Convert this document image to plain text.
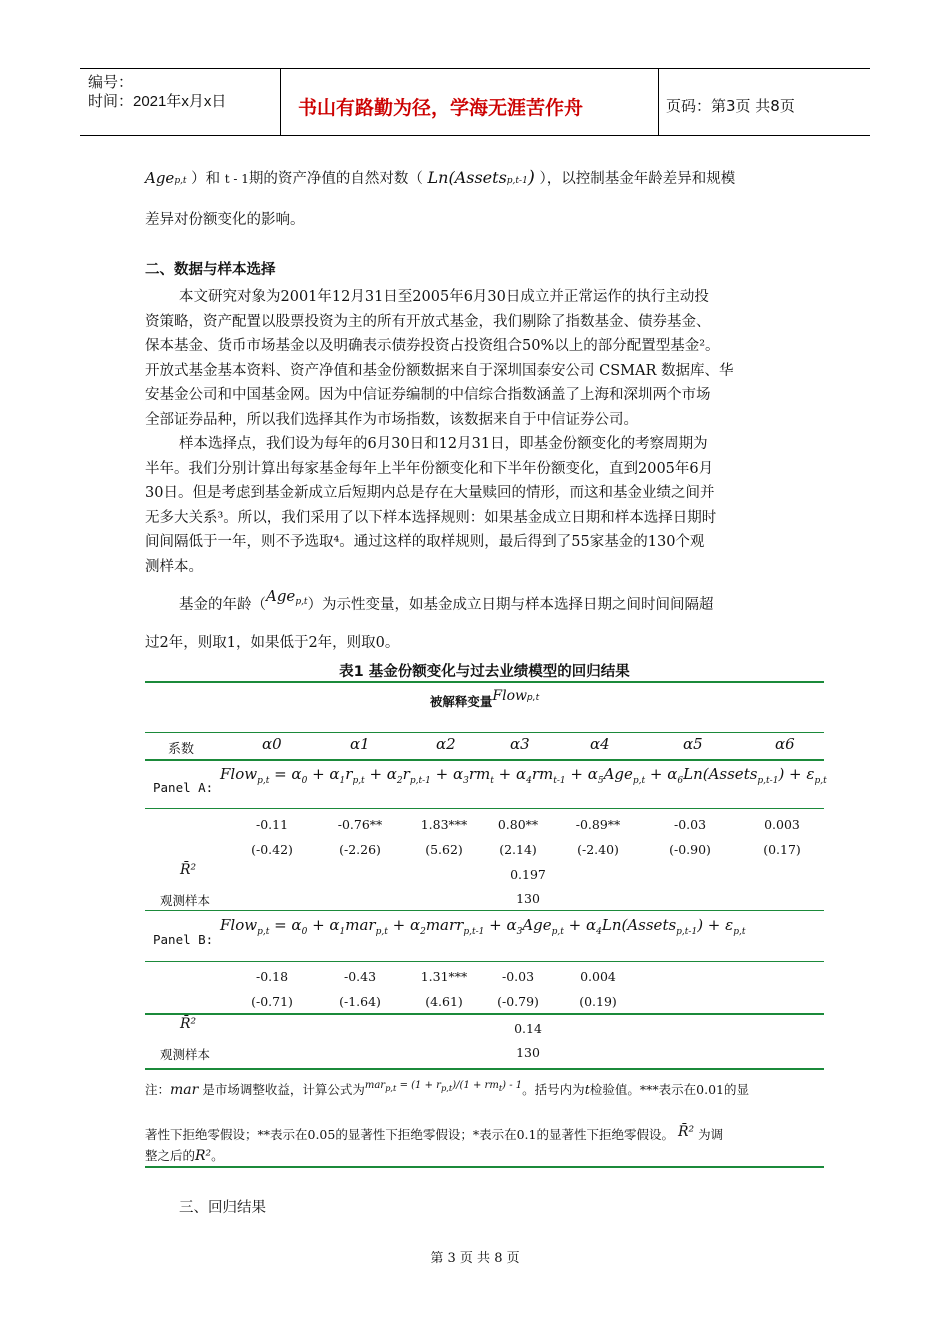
编号：
时间：2021年x月x日	书山有路勤为径，学海无涯苦作舟	页码：第3页 共8页
Agep,t ）和 t - 1期的资产净值的自然对数（ Ln(Assetsp,t-1) ），以控制基金年龄差异和规模
差异对份额变化的影响。
二、数据与样本选择
本文研究对象为2001年12月31日至2005年6月30日成立并正常运作的执行主动投
资策略，资产配置以股票投资为主的所有开放式基金，我们剔除了指数基金、债券基金、
保本基金、货币市场基金以及明确表示债券投资占投资组合50%以上的部分配置型基金²。
开放式基金基本资料、资产净值和基金份额数据来自于深圳国泰安公司 CSMAR 数据库、华
安基金公司和中国基金网。因为中信证券编制的中信综合指数涵盖了上海和深圳两个市场
全部证券品种，所以我们选择其作为市场指数，该数据来自于中信证券公司。
样本选择点，我们设为每年的6月30日和12月31日，即基金份额变化的考察周期为
半年。我们分别计算出每家基金每年上半年份额变化和下半年份额变化，直到2005年6月
30日。但是考虑到基金新成立后短期内总是存在大量赎回的情形，而这和基金业绩之间并
无多大关系³。所以，我们采用了以下样本选择规则：如果基金成立日期和样本选择日期时
间间隔低于一年，则不予选取⁴。通过这样的取样规则，最后得到了55家基金的130个观
测样本。
基金的年龄（Age$^{p,t}$）为示性变量，如基金成立日期与样本选择日期之间时间间隔超
过2年，则取1，如果低于2年，则取0。
表1 基金份额变化与过去业绩模型的回归结果
被解释变量Flowp,t
系数	α0	α1	α2	α3	α4	α5	α6
Panel A:
Flow$_{p,t}$ = $\alpha_0 + \alpha_1r_{p,t} + \alpha_2r_{p,t-1} + \alpha_3rm_t + \alpha_4rm_{t-1} + \alpha_5Age_{p,t}$ + $\alpha_6Ln(Assets_{p,t-1}) + \varepsilon_{p,t}$
-0.11	-0.76**	1.83***	0.80**	-0.89**	-0.03	0.003
(-0.42)	(-2.26)	(5.62)	(2.14)	(-2.40)	(-0.90)	(0.17)
R̄²	0.197
观测样本	130
Panel B:
Flow$_{p,t}$ = $\alpha_0 + \alpha_1mar_{p,t}$ + $\alpha_2marr_{p,t-1} + \alpha_3Age_{p,t}$ + $\alpha_4Ln(Assets_{p,t-1}) + \varepsilon_{p,t}$
-0.18	-0.43	1.31***	-0.03	0.004
(-0.71)	(-1.64)	(4.61)	(-0.79)	(0.19)
R̄²	0.14
观测样本	130
注：mar 是市场调整收益，计算公式为$^{mar_{p,t} = (1 + r_{p,t})/(1 + rm_t) - 1}$。括号内为t检验值。***表示在0.01的显
著性下拒绝零假设；**表示在0.05的显著性下拒绝零假设；*表示在0.1的显著性下拒绝零假设。 R̄² 为调
整之后的R²。
三、回归结果
第 3 页 共 8 页
